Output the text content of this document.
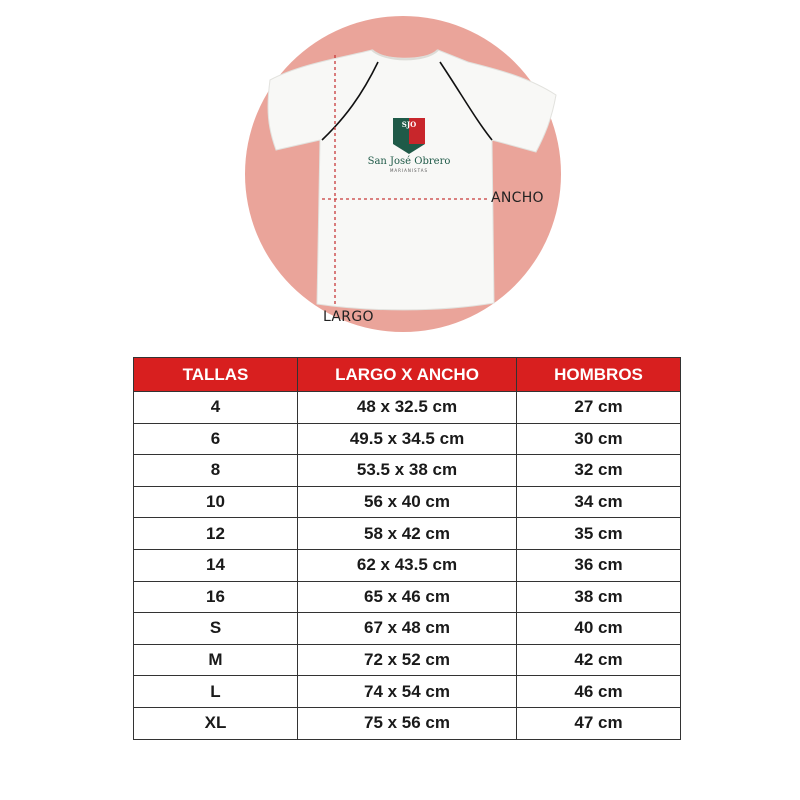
SJO
San José Obrero
MARIANISTAS
ANCHO
LARGO
TALLAS	LARGO X ANCHO	HOMBROS
4	48 x 32.5 cm	27 cm
6	49.5 x 34.5 cm	30 cm
8	53.5 x 38 cm	32 cm
10	56 x 40 cm	34 cm
12	58 x 42 cm	35 cm
14	62 x 43.5 cm	36 cm
16	65 x 46 cm	38 cm
S	67 x 48 cm	40 cm
M	72 x 52 cm	42 cm
L	74 x 54 cm	46 cm
XL	75 x 56 cm	47 cm
